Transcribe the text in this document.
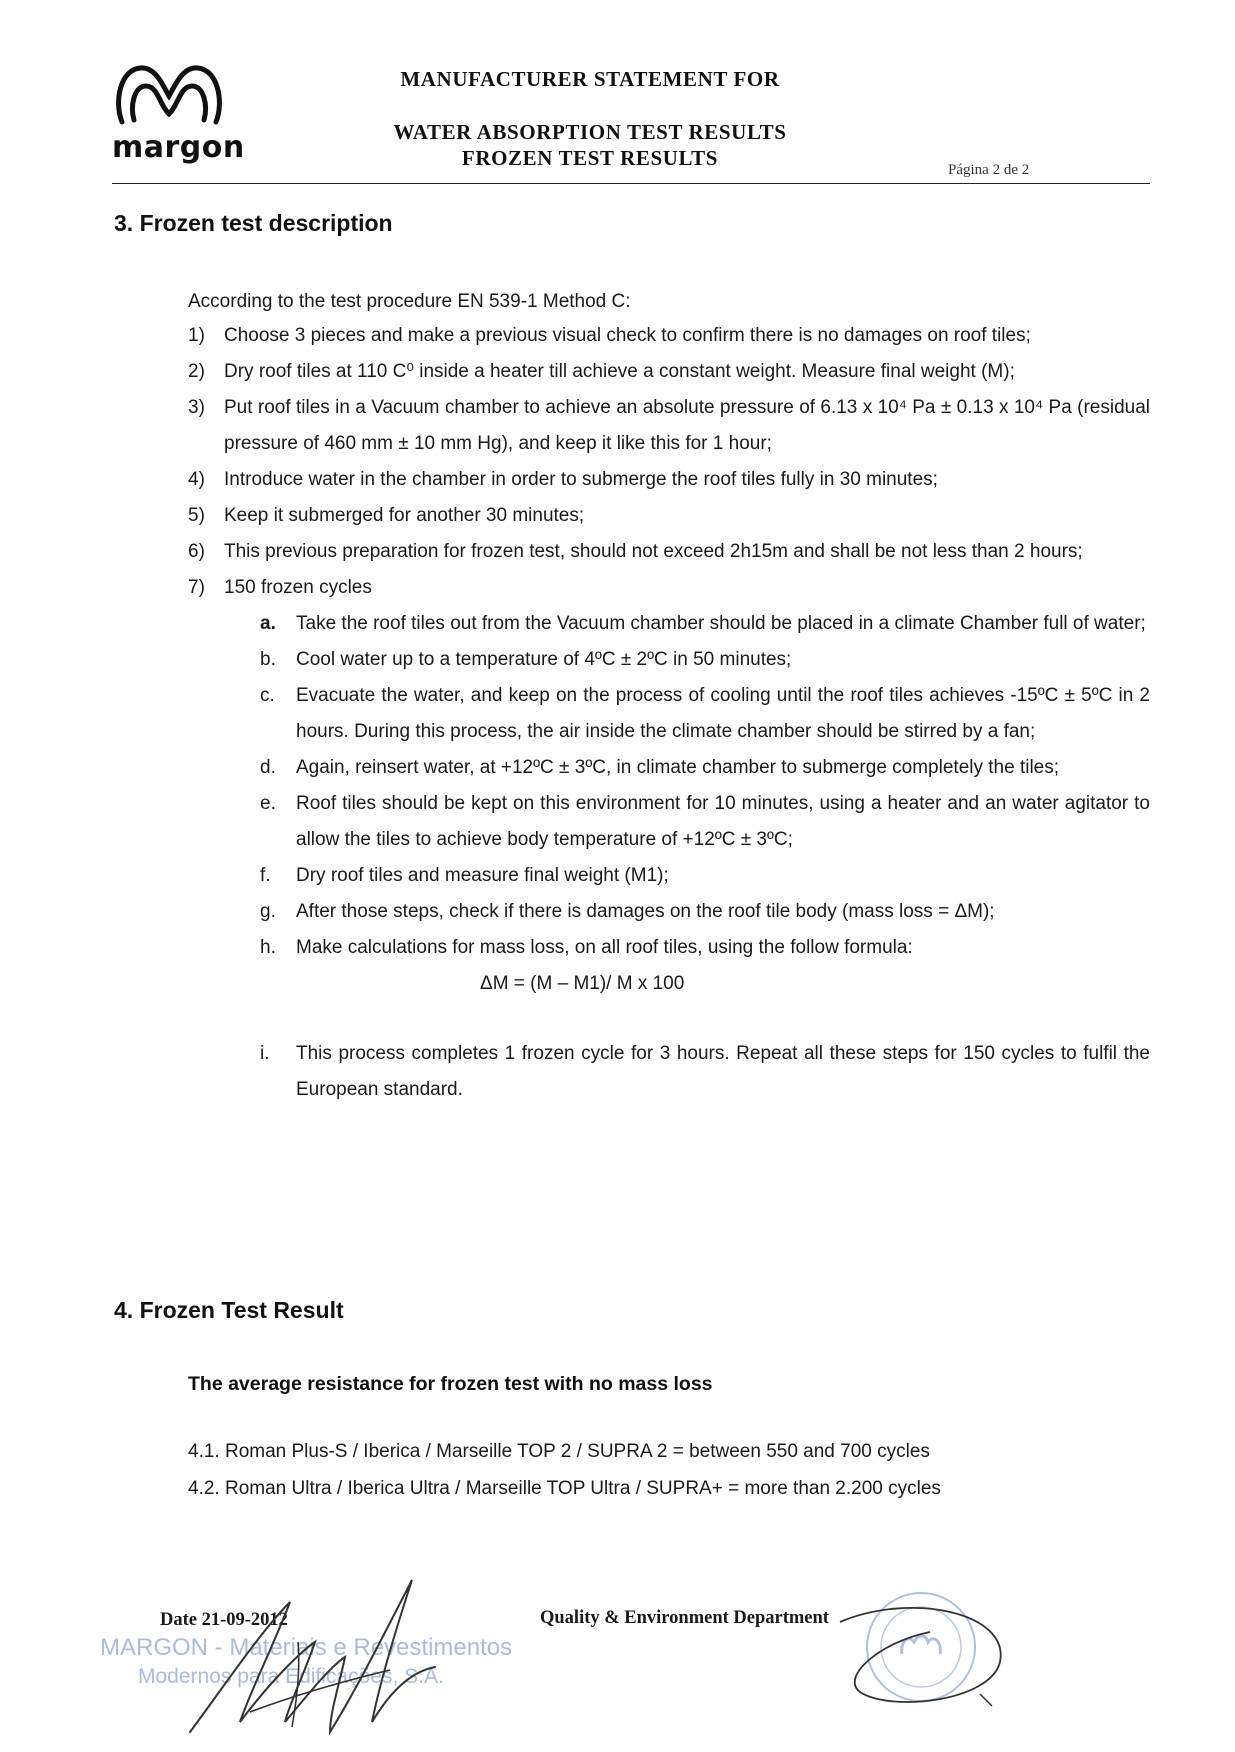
margon
MANUFACTURER STATEMENT FOR
WATER ABSORPTION TEST RESULTS
FROZEN TEST RESULTS	Página 2 de 2
3. Frozen test description
According to the test procedure EN 539-1 Method C:
1)	Choose 3 pieces and make a previous visual check to confirm there is no damages on roof tiles;
2)	Dry roof tiles at 110 C⁰ inside a heater till achieve a constant weight. Measure final weight (M);
3)	Put roof tiles in a Vacuum chamber to achieve an absolute pressure of 6.13 x 10⁴ Pa ± 0.13 x 10⁴ Pa (residual pressure of 460 mm ± 10 mm Hg), and keep it like this for 1 hour;
4)	Introduce water in the chamber in order to submerge the roof tiles fully in 30 minutes;
5)	Keep it submerged for another 30 minutes;
6)	This previous preparation for frozen test, should not exceed 2h15m and shall be not less than 2 hours;
7)	150 frozen cycles
a.	Take the roof tiles out from the Vacuum chamber should be placed in a climate Chamber full of water;
b.	Cool water up to a temperature of 4ºC ± 2ºC in 50 minutes;
c.	Evacuate the water, and keep on the process of cooling until the roof tiles achieves -15ºC ± 5ºC in 2 hours. During this process, the air inside the climate chamber should be stirred by a fan;
d.	Again, reinsert water, at +12ºC ± 3ºC, in climate chamber to submerge completely the tiles;
e.	Roof tiles should be kept on this environment for 10 minutes, using a heater and an water agitator to allow the tiles to achieve body temperature of +12ºC ± 3ºC;
f.	Dry roof tiles and measure final weight (M1);
g.	After those steps, check if there is damages on the roof tile body (mass loss = ΔM);
h.	Make calculations for mass loss, on all roof tiles, using the follow formula:
ΔM = (M – M1)/ M x 100
i.	This process completes 1 frozen cycle for 3 hours. Repeat all these steps for 150 cycles to fulfil the European standard.
4. Frozen Test Result
The average resistance for frozen test with no mass loss
4.1. Roman Plus-S / Iberica / Marseille TOP 2 / SUPRA 2 = between 550 and 700 cycles
4.2. Roman Ultra / Iberica Ultra / Marseille TOP Ultra / SUPRA+ = more than 2.200 cycles
MARGON - Materiais e Revestimentos
Modernos para Edificações, S.A.
Date 21-09-2012	Quality & Environment Department
